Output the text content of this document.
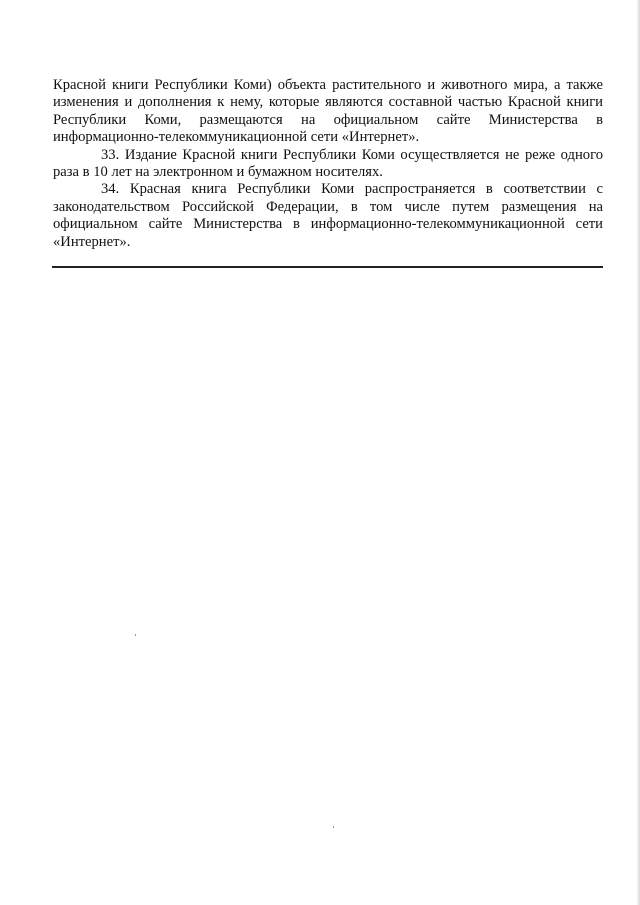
Красной книги Республики Коми) объекта растительного и животного мира, а также
изменения и дополнения к нему, которые являются составной частью Красной книги
Республики Коми, размещаются на официальном сайте Министерства в
информационно-телекоммуникационной сети «Интернет».
33. Издание Красной книги Республики Коми осуществляется не реже одного
раза в 10 лет на электронном и бумажном носителях.
34. Красная книга Республики Коми распространяется в соответствии с
законодательством Российской Федерации, в том числе путем размещения на
официальном сайте Министерства в информационно-телекоммуникационной сети
«Интернет».
